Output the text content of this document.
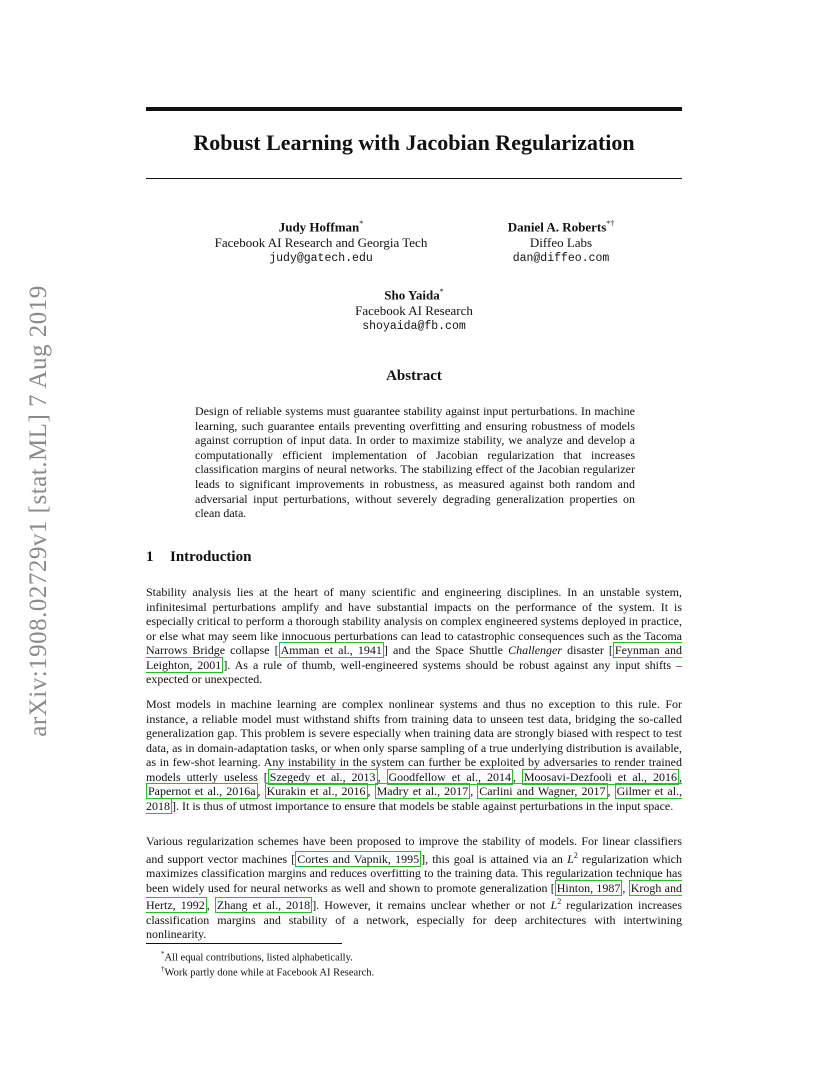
arXiv:1908.02729v1 [stat.ML] 7 Aug 2019
Robust Learning with Jacobian Regularization
Judy Hoffman*
Facebook AI Research and Georgia Tech
judy@gatech.edu
Daniel A. Roberts*†
Diffeo Labs
dan@diffeo.com
Sho Yaida*
Facebook AI Research
shoyaida@fb.com
Abstract

Design of reliable systems must guarantee stability against input perturbations. In machine learning, such guarantee entails preventing overfitting and ensuring robustness of models against corruption of input data. In order to maximize stability, we analyze and develop a computationally efficient implementation of Jacobian regularization that increases classification margins of neural networks. The stabilizing effect of the Jacobian regularizer leads to significant improvements in robustness, as measured against both random and adversarial input perturbations, without severely degrading generalization properties on clean data.

1 Introduction

Stability analysis lies at the heart of many scientific and engineering disciplines. In an unstable system, infinitesimal perturbations amplify and have substantial impacts on the performance of the system. It is especially critical to perform a thorough stability analysis on complex engineered systems deployed in practice, or else what may seem like innocuous perturbations can lead to catastrophic consequences such as the Tacoma Narrows Bridge collapse [ Amman et al., 1941 ] and the Space Shuttle Challenger disaster [ Feynman and Leighton, 2001 ]. As a rule of thumb, well-engineered systems should be robust against any input shifts – expected or unexpected.

Most models in machine learning are complex nonlinear systems and thus no exception to this rule. For instance, a reliable model must withstand shifts from training data to unseen test data, bridging the so-called generalization gap. This problem is severe especially when training data are strongly biased with respect to test data, as in domain-adaptation tasks, or when only sparse sampling of a true underlying distribution is available, as in few-shot learning. Any instability in the system can further be exploited by adversaries to render trained models utterly useless [ Szegedy et al., 2013 , Goodfellow et al., 2014 , Moosavi-Dezfooli et al., 2016 , Papernot et al., 2016a , Kurakin et al., 2016 , Madry et al., 2017 , Carlini and Wagner, 2017 , Gilmer et al., 2018 ]. It is thus of utmost importance to ensure that models be stable against perturbations in the input space.

Various regularization schemes have been proposed to improve the stability of models. For linear classifiers and support vector machines [ Cortes and Vapnik, 1995 ], this goal is attained via an $L^2$ regularization which maximizes classification margins and reduces overfitting to the training data. This regularization technique has been widely used for neural networks as well and shown to promote generalization [ Hinton, 1987 , Krogh and Hertz, 1992 , Zhang et al., 2018 ]. However, it remains unclear whether or not $L^2$ regularization increases classification margins and stability of a network, especially for deep architectures with intertwining nonlinearity.

*All equal contributions, listed alphabetically.

†Work partly done while at Facebook AI Research.
